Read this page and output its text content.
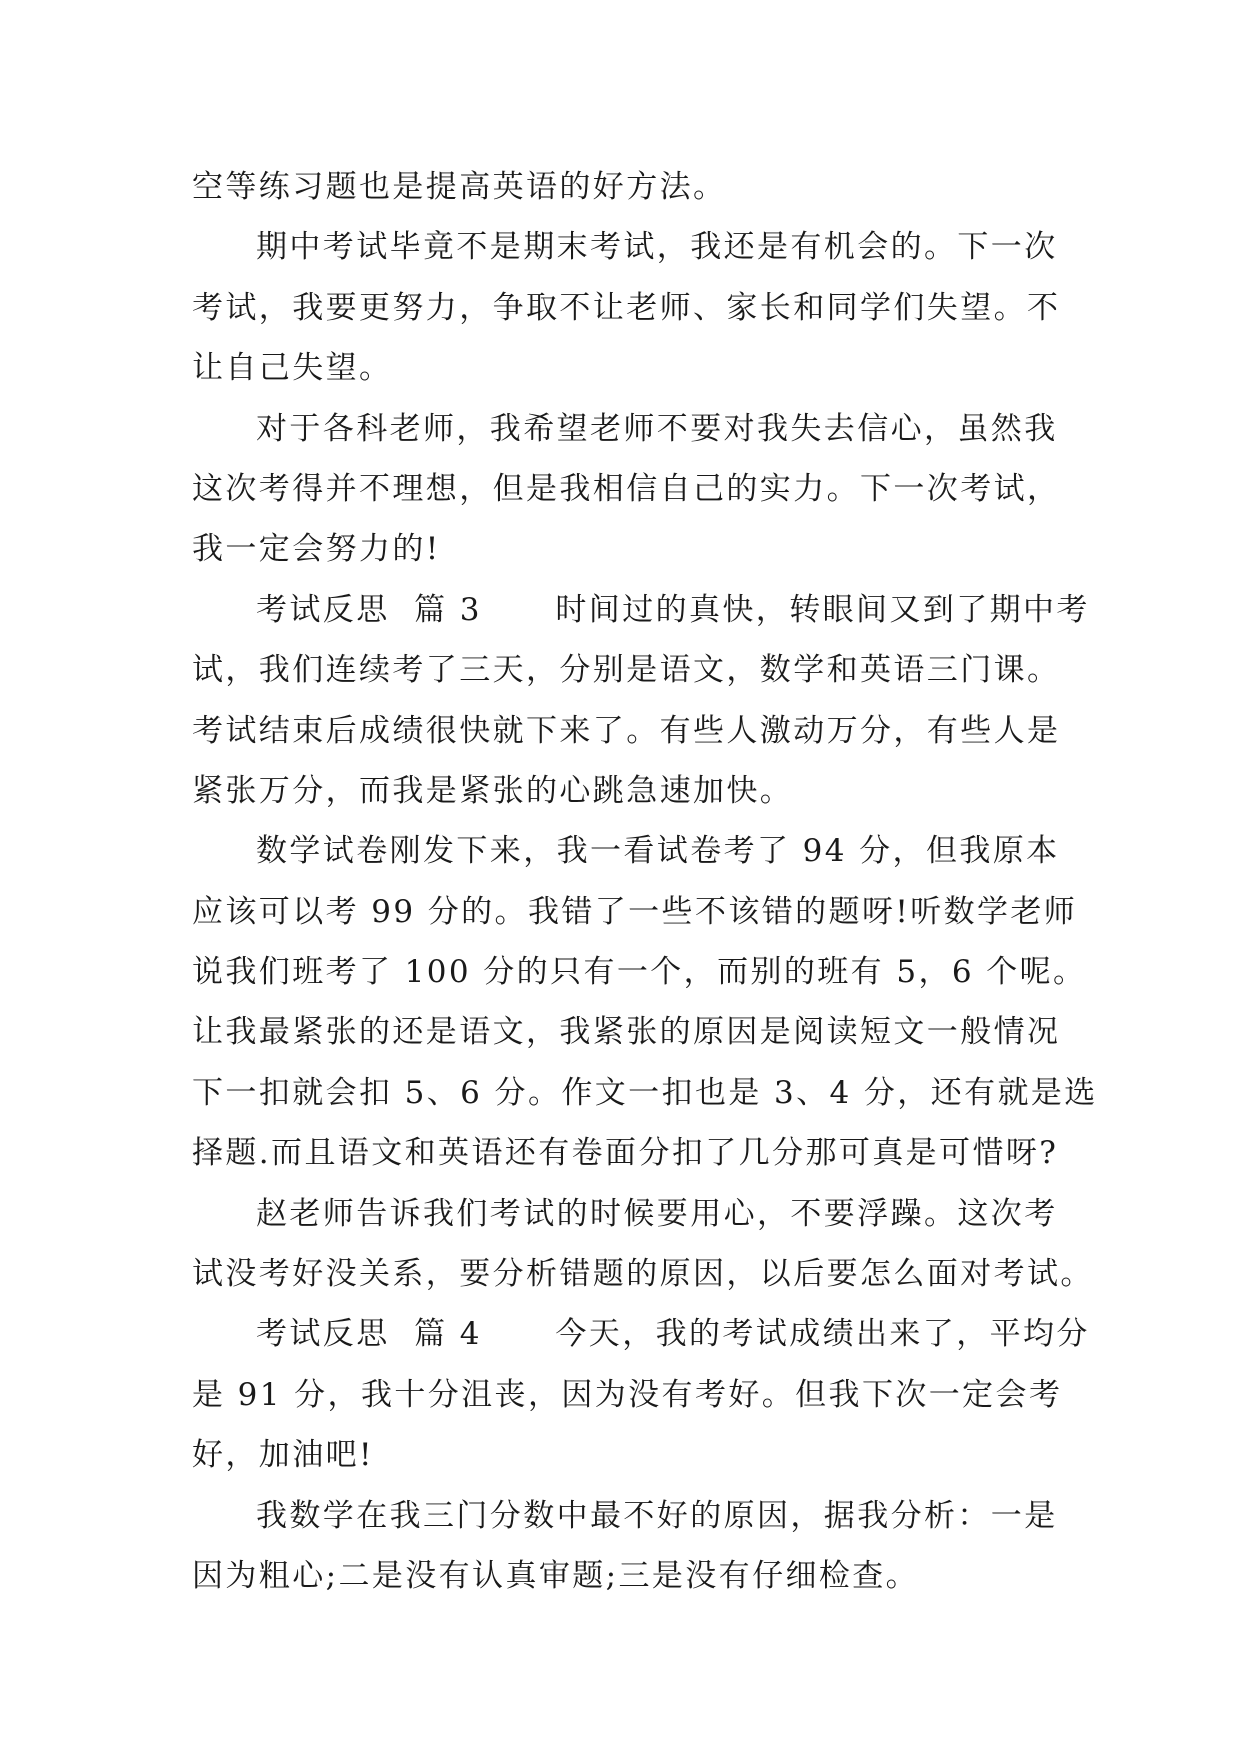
空等练习题也是提高英语的好方法。
期中考试毕竟不是期末考试，我还是有机会的。下一次
考试，我要更努力，争取不让老师、家长和同学们失望。不
让自己失望。
对于各科老师，我希望老师不要对我失去信心，虽然我
这次考得并不理想，但是我相信自己的实力。下一次考试，
我一定会努力的!
考试反思  篇 3      时间过的真快，转眼间又到了期中考
试，我们连续考了三天，分别是语文，数学和英语三门课。
考试结束后成绩很快就下来了。有些人激动万分，有些人是
紧张万分，而我是紧张的心跳急速加快。
数学试卷刚发下来，我一看试卷考了 94 分，但我原本
应该可以考 99 分的。我错了一些不该错的题呀!听数学老师
说我们班考了 100 分的只有一个，而别的班有 5，6 个呢。
让我最紧张的还是语文，我紧张的原因是阅读短文一般情况
下一扣就会扣 5、6 分。作文一扣也是 3、4 分，还有就是选
择题.而且语文和英语还有卷面分扣了几分那可真是可惜呀?
赵老师告诉我们考试的时候要用心，不要浮躁。这次考
试没考好没关系，要分析错题的原因，以后要怎么面对考试。
考试反思  篇 4      今天，我的考试成绩出来了，平均分
是 91 分，我十分沮丧，因为没有考好。但我下次一定会考
好，加油吧!
我数学在我三门分数中最不好的原因，据我分析：一是
因为粗心;二是没有认真审题;三是没有仔细检查。
